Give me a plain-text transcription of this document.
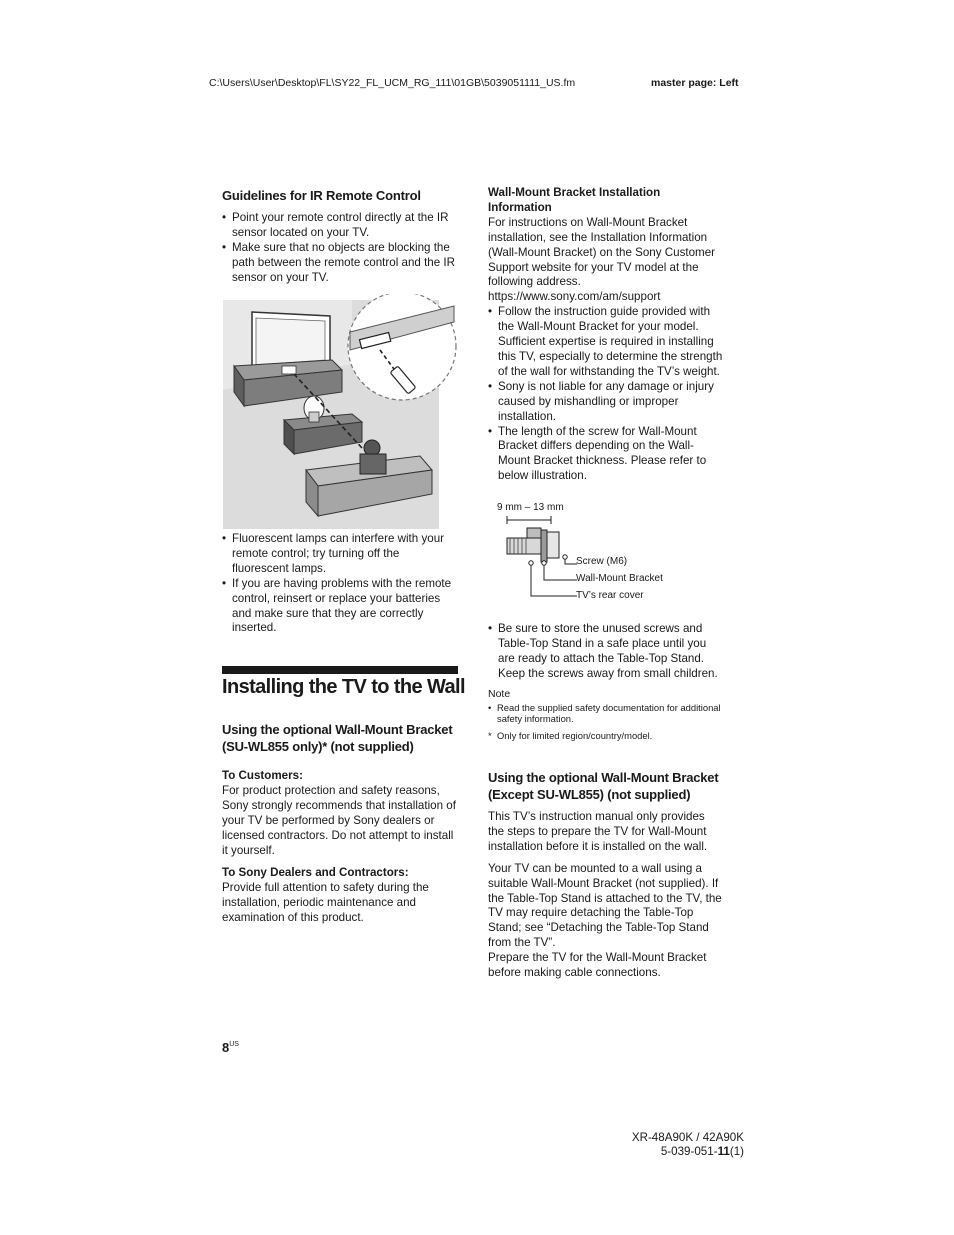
C:\Users\User\Desktop\FL\SY22_FL_UCM_RG_111\01GB\5039051111_US.fm	master page: Left
Guidelines for IR Remote Control

• Point your remote control directly at the IR sensor located on your TV.

• Make sure that no objects are blocking the path between the remote control and the IR sensor on your TV.

• Fluorescent lamps can interfere with your remote control; try turning off the fluorescent lamps.

• If you are having problems with the remote control, reinsert or replace your batteries and make sure that they are correctly inserted.

Installing the TV to the Wall
Using the optional Wall-Mount Bracket (SU-WL855 only)* (not supplied)

To Customers:

For product protection and safety reasons, Sony strongly recommends that installation of your TV be performed by Sony dealers or licensed contractors. Do not attempt to install it yourself.

To Sony Dealers and Contractors:

Provide full attention to safety during the installation, periodic maintenance and examination of this product.

Wall-Mount Bracket Installation Information

For instructions on Wall-Mount Bracket installation, see the Installation Information (Wall-Mount Bracket) on the Sony Customer Support website for your TV model at the following address.

https://www.sony.com/am/support

• Follow the instruction guide provided with the Wall-Mount Bracket for your model. Sufficient expertise is required in installing this TV, especially to determine the strength of the wall for withstanding the TV’s weight.

• Sony is not liable for any damage or injury caused by mishandling or improper installation.

• The length of the screw for Wall-Mount Bracket differs depending on the Wall-Mount Bracket thickness. Please refer to below illustration.

9 mm – 13 mm
Screw (M6)
Wall-Mount Bracket
TV’s rear cover

• Be sure to store the unused screws and Table-Top Stand in a safe place until you are ready to attach the Table-Top Stand. Keep the screws away from small children.

Note

• Read the supplied safety documentation for additional safety information.

* Only for limited region/country/model.

Using the optional Wall-Mount Bracket (Except SU-WL855) (not supplied)

This TV’s instruction manual only provides the steps to prepare the TV for Wall-Mount installation before it is installed on the wall.

Your TV can be mounted to a wall using a suitable Wall-Mount Bracket (not supplied). If the Table-Top Stand is attached to the TV, the TV may require detaching the Table-Top Stand; see “Detaching the Table-Top Stand from the TV”.

Prepare the TV for the Wall-Mount Bracket before making cable connections.

$8^{US}$
XR-48A90K / 42A90K
5-039-051-11(1)
